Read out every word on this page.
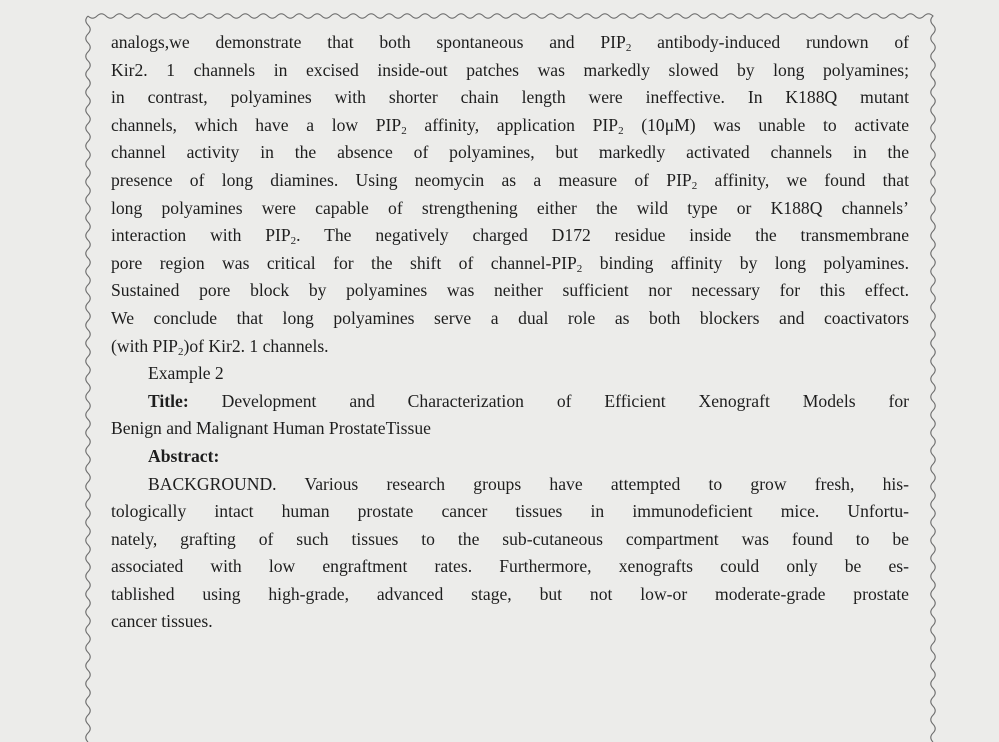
analogs,we demonstrate that both spontaneous and $PIP_2$ antibody-induced rundown of

Kir2. 1 channels in excised inside-out patches was markedly slowed by long polyamines;

in contrast, polyamines with shorter chain length were ineffective. In K188Q mutant

channels, which have a low $PIP_2$ affinity, application $PIP_2$ (10μM) was unable to activate

channel activity in the absence of polyamines, but markedly activated channels in the

presence of long diamines. Using neomycin as a measure of $PIP_2$ affinity, we found that

long polyamines were capable of strengthening either the wild type or K188Q channels’

interaction with $PIP_2$. The negatively charged D172 residue inside the transmembrane

pore region was critical for the shift of channel-$PIP_2$ binding affinity by long polyamines.

Sustained pore block by polyamines was neither sufficient nor necessary for this effect.

We conclude that long polyamines serve a dual role as both blockers and coactivators

(with $PIP_2)of$ Kir2. 1 channels.

Example 2

Title: Development and Characterization of Efficient Xenograft Models for

Benign and Malignant Human ProstateTissue

Abstract:

BACKGROUND. Various research groups have attempted to grow fresh, his-

tologically intact human prostate cancer tissues in immunodeficient mice. Unfortu-

nately, grafting of such tissues to the sub-cutaneous compartment was found to be

associated with low engraftment rates. Furthermore, xenografts could only be es-

tablished using high-grade, advanced stage, but not low-or moderate-grade prostate

cancer tissues.
